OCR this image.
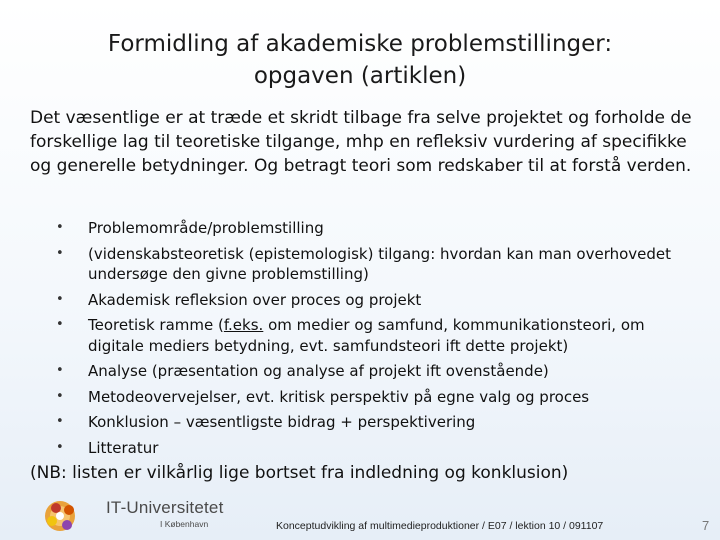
Formidling af akademiske problemstillinger:
opgaven (artiklen)
Det væsentlige er at træde et skridt tilbage fra selve projektet og forholde de forskellige lag til teoretiske tilgange, mhp en refleksiv vurdering af specifikke og generelle betydninger. Og betragt teori som redskaber til at forstå verden.
• Problemområde/problemstilling
• (videnskabsteoretisk (epistemologisk) tilgang: hvordan kan man overhovedet undersøge den givne problemstilling)
• Akademisk refleksion over proces og projekt
• Teoretisk ramme (f.eks. om medier og samfund, kommunikationsteori, om digitale mediers betydning, evt. samfundsteori ift dette projekt)
• Analyse (præsentation og analyse af projekt ift ovenstående)
• Metodeovervejelser, evt. kritisk perspektiv på egne valg og proces
• Konklusion – væsentligste bidrag + perspektivering
• Litteratur
(NB: listen er vilkårlig lige bortset fra indledning og konklusion)
IT-Universitetet
I København	Konceptudvikling af multimedieproduktioner / E07 / lektion 10 / 091107	7
